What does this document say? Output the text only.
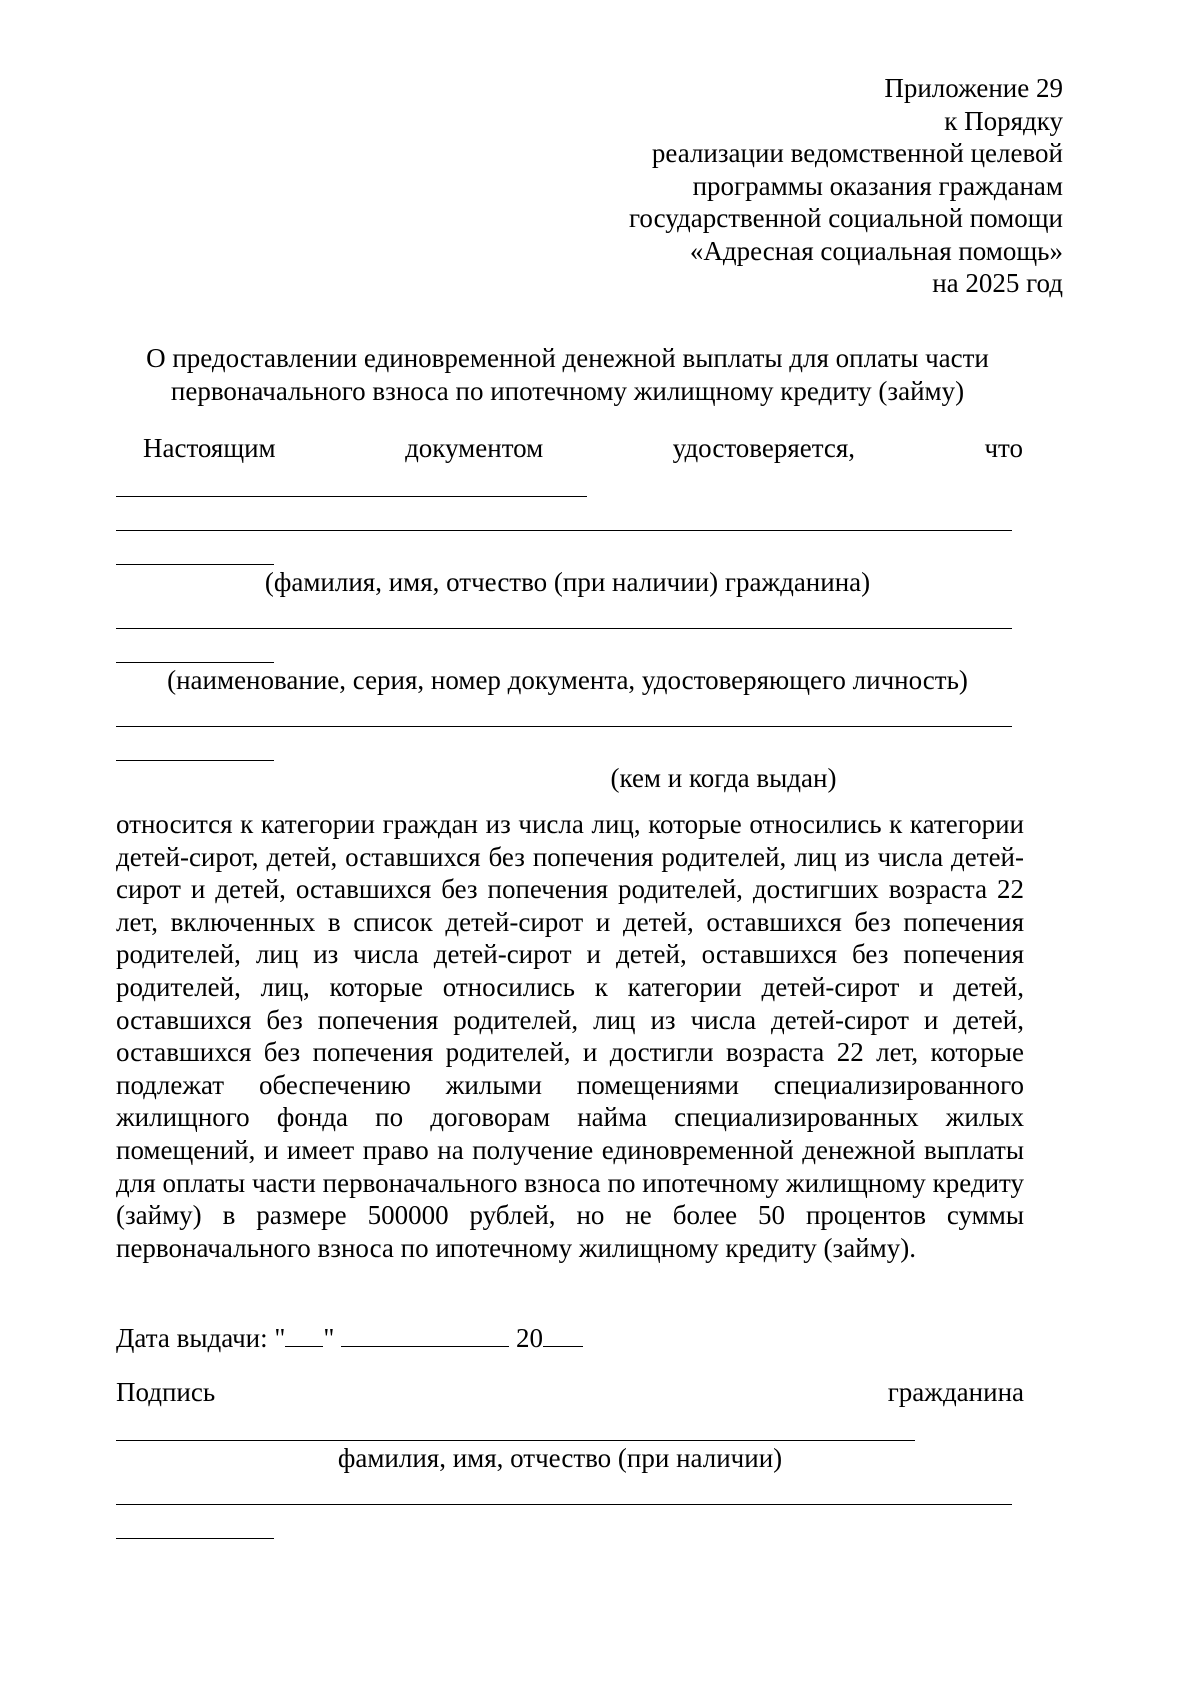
Приложение 29
к Порядку
реализации ведомственной целевой
программы оказания гражданам
государственной социальной помощи
«Адресная социальная помощь»
на 2025 год
О предоставлении единовременной денежной выплаты для оплаты части
первоначального взноса по ипотечному жилищному кредиту (займу)
Настоящим	документом	удостоверяется,	что
(фамилия, имя, отчество (при наличии) гражданина)
(наименование, серия, номер документа, удостоверяющего личность)
(кем и когда выдан)
относится к категории граждан из числа лиц, которые относились к категории детей-сирот, детей, оставшихся без попечения родителей, лиц из числа детей-сирот и детей, оставшихся без попечения родителей, достигших возраста 22 лет, включенных в список детей-сирот и детей, оставшихся без попечения родителей, лиц из числа детей-сирот и детей, оставшихся без попечения родителей, лиц, которые относились к категории детей-сирот и детей, оставшихся без попечения родителей, лиц из числа детей-сирот и детей, оставшихся без попечения родителей, и достигли возраста 22 лет, которые подлежат обеспечению жилыми помещениями специализированного жилищного фонда по договорам найма специализированных жилых помещений, и имеет право на получение единовременной денежной выплаты для оплаты части первоначального взноса по ипотечному жилищному кредиту (займу) в размере 500000 рублей, но не более 50 процентов суммы первоначального взноса по ипотечному жилищному кредиту (займу).
Дата выдачи: " "	20
Подпись	гражданина
фамилия, имя, отчество (при наличии)
